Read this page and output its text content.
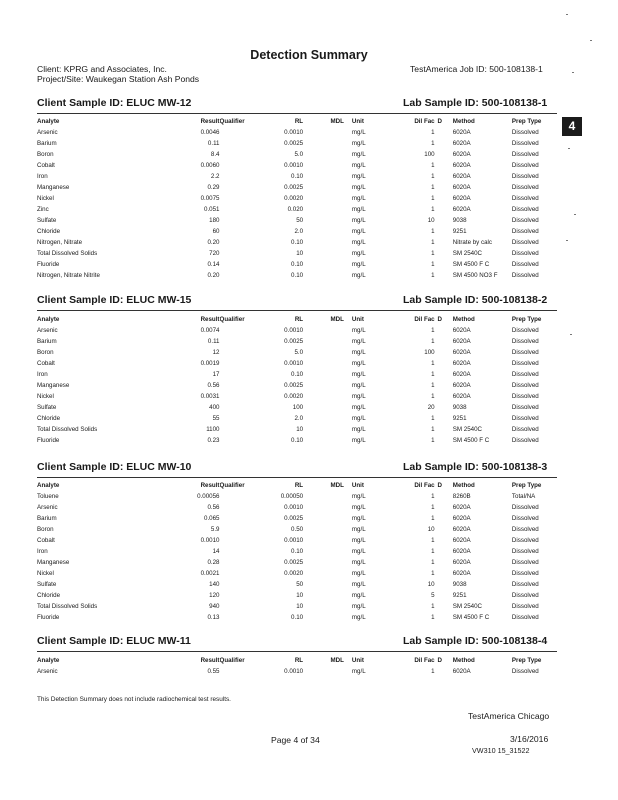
Detection Summary
Client: KPRG and Associates, Inc.
Project/Site: Waukegan Station Ash Ponds
TestAmerica Job ID: 500-108138-1
4
Client Sample ID: ELUC MW-12	Lab Sample ID: 500-108138-1
Analyte	Result	Qualifier	RL	MDL	Unit	Dil Fac	D	Method	Prep Type
Arsenic	0.0046		0.0010		mg/L	1		6020A	Dissolved
Barium	0.11		0.0025		mg/L	1		6020A	Dissolved
Boron	8.4		5.0		mg/L	100		6020A	Dissolved
Cobalt	0.0060		0.0010		mg/L	1		6020A	Dissolved
Iron	2.2		0.10		mg/L	1		6020A	Dissolved
Manganese	0.29		0.0025		mg/L	1		6020A	Dissolved
Nickel	0.0075		0.0020		mg/L	1		6020A	Dissolved
Zinc	0.051		0.020		mg/L	1		6020A	Dissolved
Sulfate	180		50		mg/L	10		9038	Dissolved
Chloride	60		2.0		mg/L	1		9251	Dissolved
Nitrogen, Nitrate	0.20		0.10		mg/L	1		Nitrate by calc	Dissolved
Total Dissolved Solids	720		10		mg/L	1		SM 2540C	Dissolved
Fluoride	0.14		0.10		mg/L	1		SM 4500 F C	Dissolved
Nitrogen, Nitrate Nitrite	0.20		0.10		mg/L	1		SM 4500 NO3 F	Dissolved
Client Sample ID: ELUC MW-15	Lab Sample ID: 500-108138-2
Analyte	Result	Qualifier	RL	MDL	Unit	Dil Fac	D	Method	Prep Type
Arsenic	0.0074		0.0010		mg/L	1		6020A	Dissolved
Barium	0.11		0.0025		mg/L	1		6020A	Dissolved
Boron	12		5.0		mg/L	100		6020A	Dissolved
Cobalt	0.0019		0.0010		mg/L	1		6020A	Dissolved
Iron	17		0.10		mg/L	1		6020A	Dissolved
Manganese	0.56		0.0025		mg/L	1		6020A	Dissolved
Nickel	0.0031		0.0020		mg/L	1		6020A	Dissolved
Sulfate	400		100		mg/L	20		9038	Dissolved
Chloride	55		2.0		mg/L	1		9251	Dissolved
Total Dissolved Solids	1100		10		mg/L	1		SM 2540C	Dissolved
Fluoride	0.23		0.10		mg/L	1		SM 4500 F C	Dissolved
Client Sample ID: ELUC MW-10	Lab Sample ID: 500-108138-3
Analyte	Result	Qualifier	RL	MDL	Unit	Dil Fac	D	Method	Prep Type
Toluene	0.00056		0.00050		mg/L	1		8260B	Total/NA
Arsenic	0.56		0.0010		mg/L	1		6020A	Dissolved
Barium	0.065		0.0025		mg/L	1		6020A	Dissolved
Boron	5.9		0.50		mg/L	10		6020A	Dissolved
Cobalt	0.0010		0.0010		mg/L	1		6020A	Dissolved
Iron	14		0.10		mg/L	1		6020A	Dissolved
Manganese	0.28		0.0025		mg/L	1		6020A	Dissolved
Nickel	0.0021		0.0020		mg/L	1		6020A	Dissolved
Sulfate	140		50		mg/L	10		9038	Dissolved
Chloride	120		10		mg/L	5		9251	Dissolved
Total Dissolved Solids	940		10		mg/L	1		SM 2540C	Dissolved
Fluoride	0.13		0.10		mg/L	1		SM 4500 F C	Dissolved
Client Sample ID: ELUC MW-11	Lab Sample ID: 500-108138-4
Analyte	Result	Qualifier	RL	MDL	Unit	Dil Fac	D	Method	Prep Type
Arsenic	0.55		0.0010		mg/L	1		6020A	Dissolved
This Detection Summary does not include radiochemical test results.
TestAmerica Chicago
Page 4 of 34	3/16/2016
VW310 15_31522
